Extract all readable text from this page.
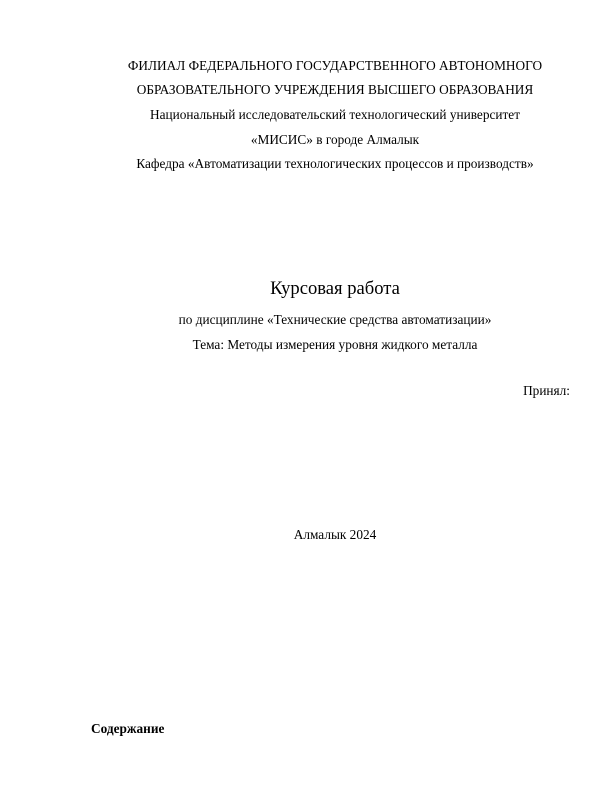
ФИЛИАЛ ФЕДЕРАЛЬНОГО ГОСУДАРСТВЕННОГО АВТОНОМНОГО
ОБРАЗОВАТЕЛЬНОГО УЧРЕЖДЕНИЯ ВЫСШЕГО ОБРАЗОВАНИЯ
Национальный исследовательский технологический университет
«МИСИС» в городе Алмалык
Кафедра «Автоматизации технологических процессов и производств»
Курсовая работа
по дисциплине «Технические средства автоматизации»
Тема: Методы измерения уровня жидкого металла
Принял:
Алмалык 2024
Содержание
